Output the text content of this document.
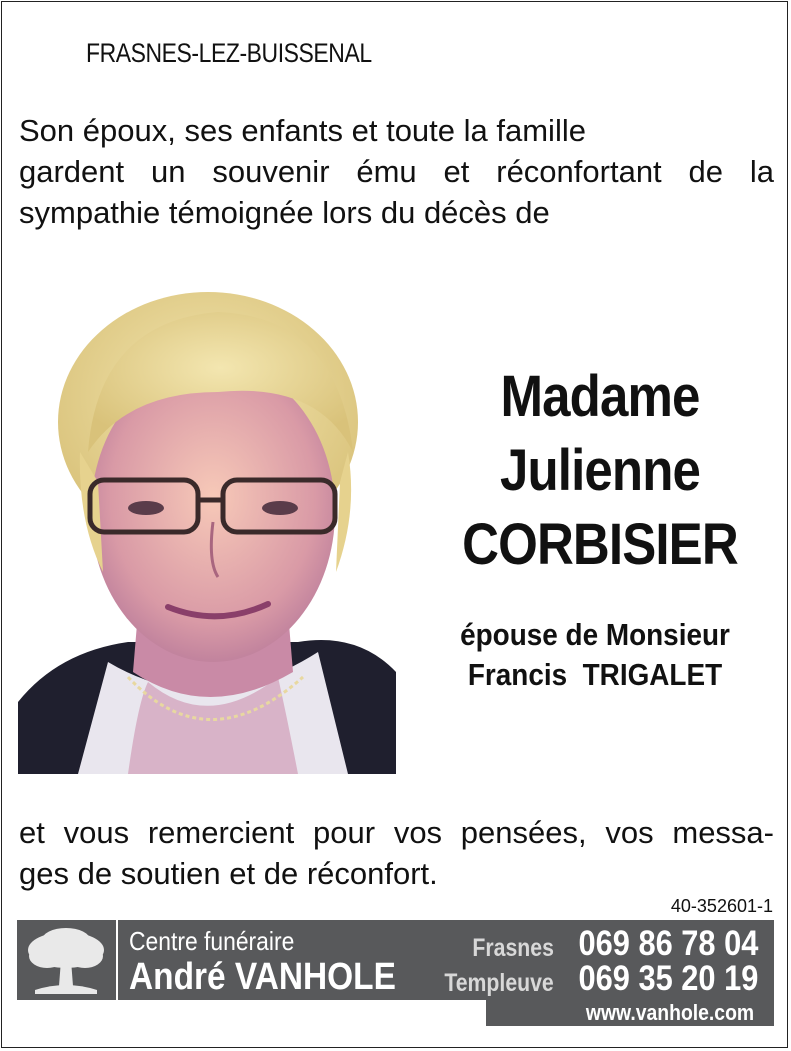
FRASNES-LEZ-BUISSENAL
Son époux, ses enfants et toute la famille
gardent un souvenir ému et réconfortant de la
sympathie témoignée lors du décès de
Madame
Julienne
CORBISIER
épouse de Monsieur
Francis  TRIGALET
et vous remercient pour vos pensées, vos messa-
ges de soutien et de réconfort.
40-352601-1
Centre funéraire
André VANHOLE
Frasnes 069 86 78 04
Templeuve 069 35 20 19
www.vanhole.com
